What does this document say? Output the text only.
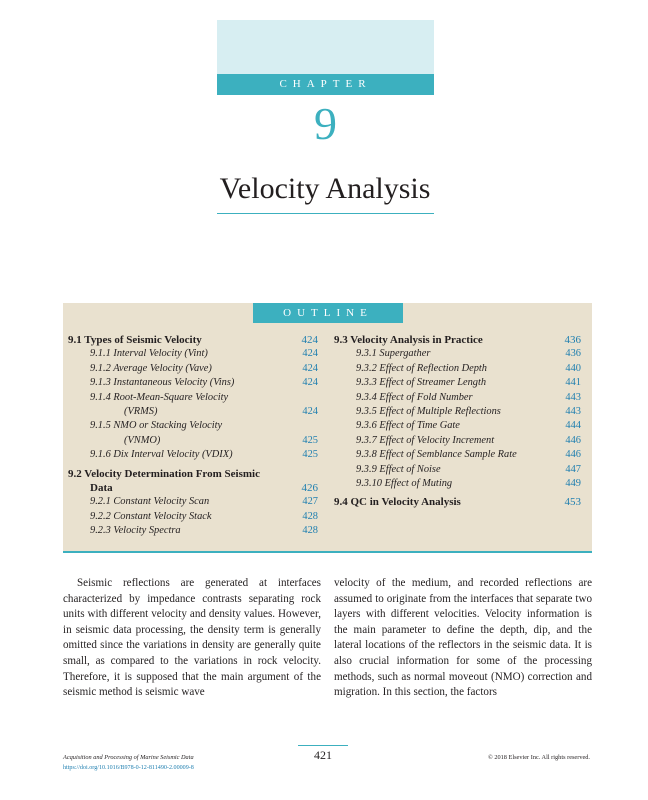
CHAPTER
9
Velocity Analysis
OUTLINE
9.1 Types of Seismic Velocity	424
9.1.1 Interval Velocity (Vint)	424
9.1.2 Average Velocity (Vave)	424
9.1.3 Instantaneous Velocity (Vins)	424
9.1.4 Root-Mean-Square Velocity
(VRMS)	424
9.1.5 NMO or Stacking Velocity
(VNMO)	425
9.1.6 Dix Interval Velocity (VDIX)	425
9.2 Velocity Determination From Seismic
Data	426
9.2.1 Constant Velocity Scan	427
9.2.2 Constant Velocity Stack	428
9.2.3 Velocity Spectra	428
9.3 Velocity Analysis in Practice	436
9.3.1 Supergather	436
9.3.2 Effect of Reflection Depth	440
9.3.3 Effect of Streamer Length	441
9.3.4 Effect of Fold Number	443
9.3.5 Effect of Multiple Reflections	443
9.3.6 Effect of Time Gate	444
9.3.7 Effect of Velocity Increment	446
9.3.8 Effect of Semblance Sample Rate	446
9.3.9 Effect of Noise	447
9.3.10 Effect of Muting	449
9.4 QC in Velocity Analysis	453

Seismic reflections are generated at interfaces characterized by impedance contrasts separating rock units with different velocity and density values. However, in seismic data processing, the density term is generally omitted since the variations in density are generally quite small, as compared to the variations in rock velocity. Therefore, it is supposed that the main argument of the seismic method is seismic wave

velocity of the medium, and recorded reflections are assumed to originate from the interfaces that separate two layers with different velocities. Velocity information is the main parameter to define the depth, dip, and the lateral locations of the reflectors in the seismic data. It is also crucial information for some of the processing methods, such as normal moveout (NMO) correction and migration. In this section, the factors

421
Acquisition and Processing of Marine Seismic Data
https://doi.org/10.1016/B978-0-12-811490-2.00009-8
© 2018 Elsevier Inc. All rights reserved.
